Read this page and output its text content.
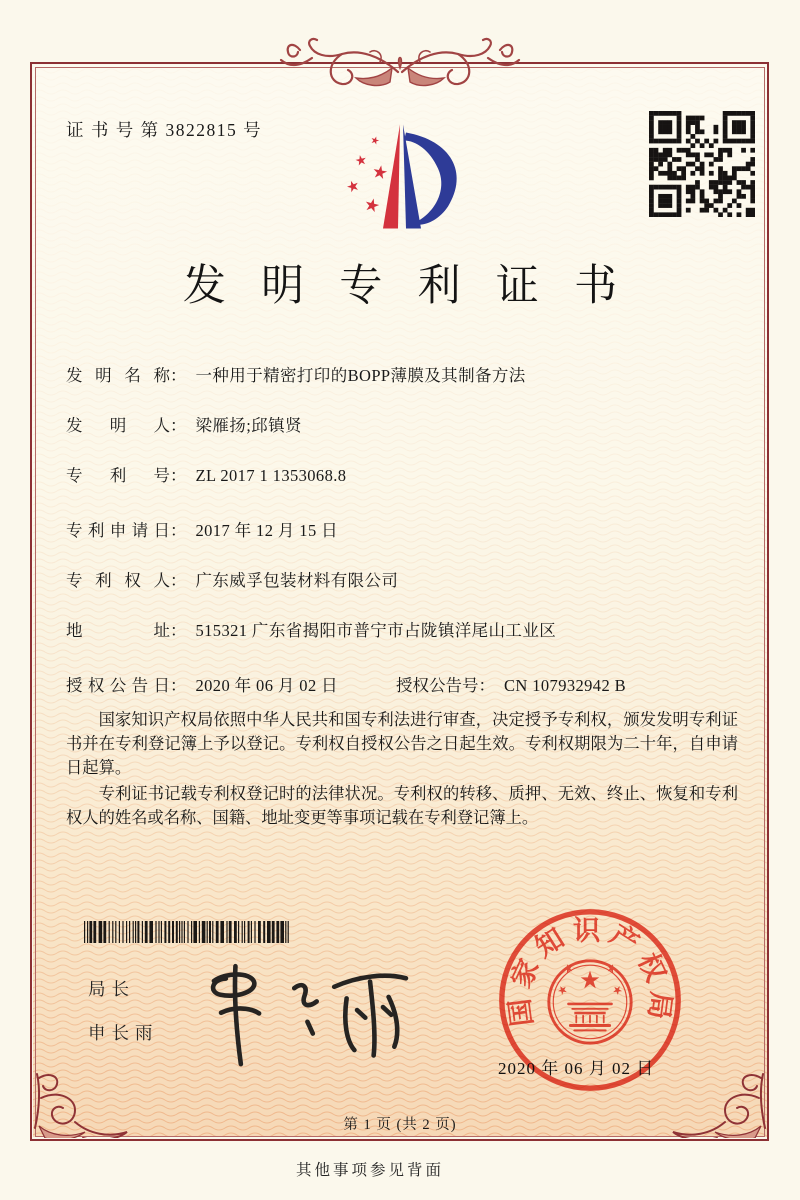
证 书 号 第 3822815 号
发明专利证书
发明名称： 一种用于精密打印的BOPP薄膜及其制备方法
发明人： 梁雁扬;邱镇贤
专利号： ZL 2017 1 1353068.8
专利申请日： 2017 年 12 月 15 日
专利权人： 广东威孚包装材料有限公司
地址： 515321 广东省揭阳市普宁市占陇镇洋尾山工业区
授权公告日： 2020 年 06 月 02 日	授权公告号： CN 107932942 B

国家知识产权局依照中华人民共和国专利法进行审查，决定授予专利权，颁发发明专利证书并在专利登记簿上予以登记。专利权自授权公告之日起生效。专利权期限为二十年，自申请日起算。

专利证书记载专利权登记时的法律状况。专利权的转移、质押、无效、终止、恢复和专利权人的姓名或名称、国籍、地址变更等事项记载在专利登记簿上。

局长
申长雨
国家知识产权局
2020 年 06 月 02 日
第 1 页 (共 2 页)
其他事项参见背面
